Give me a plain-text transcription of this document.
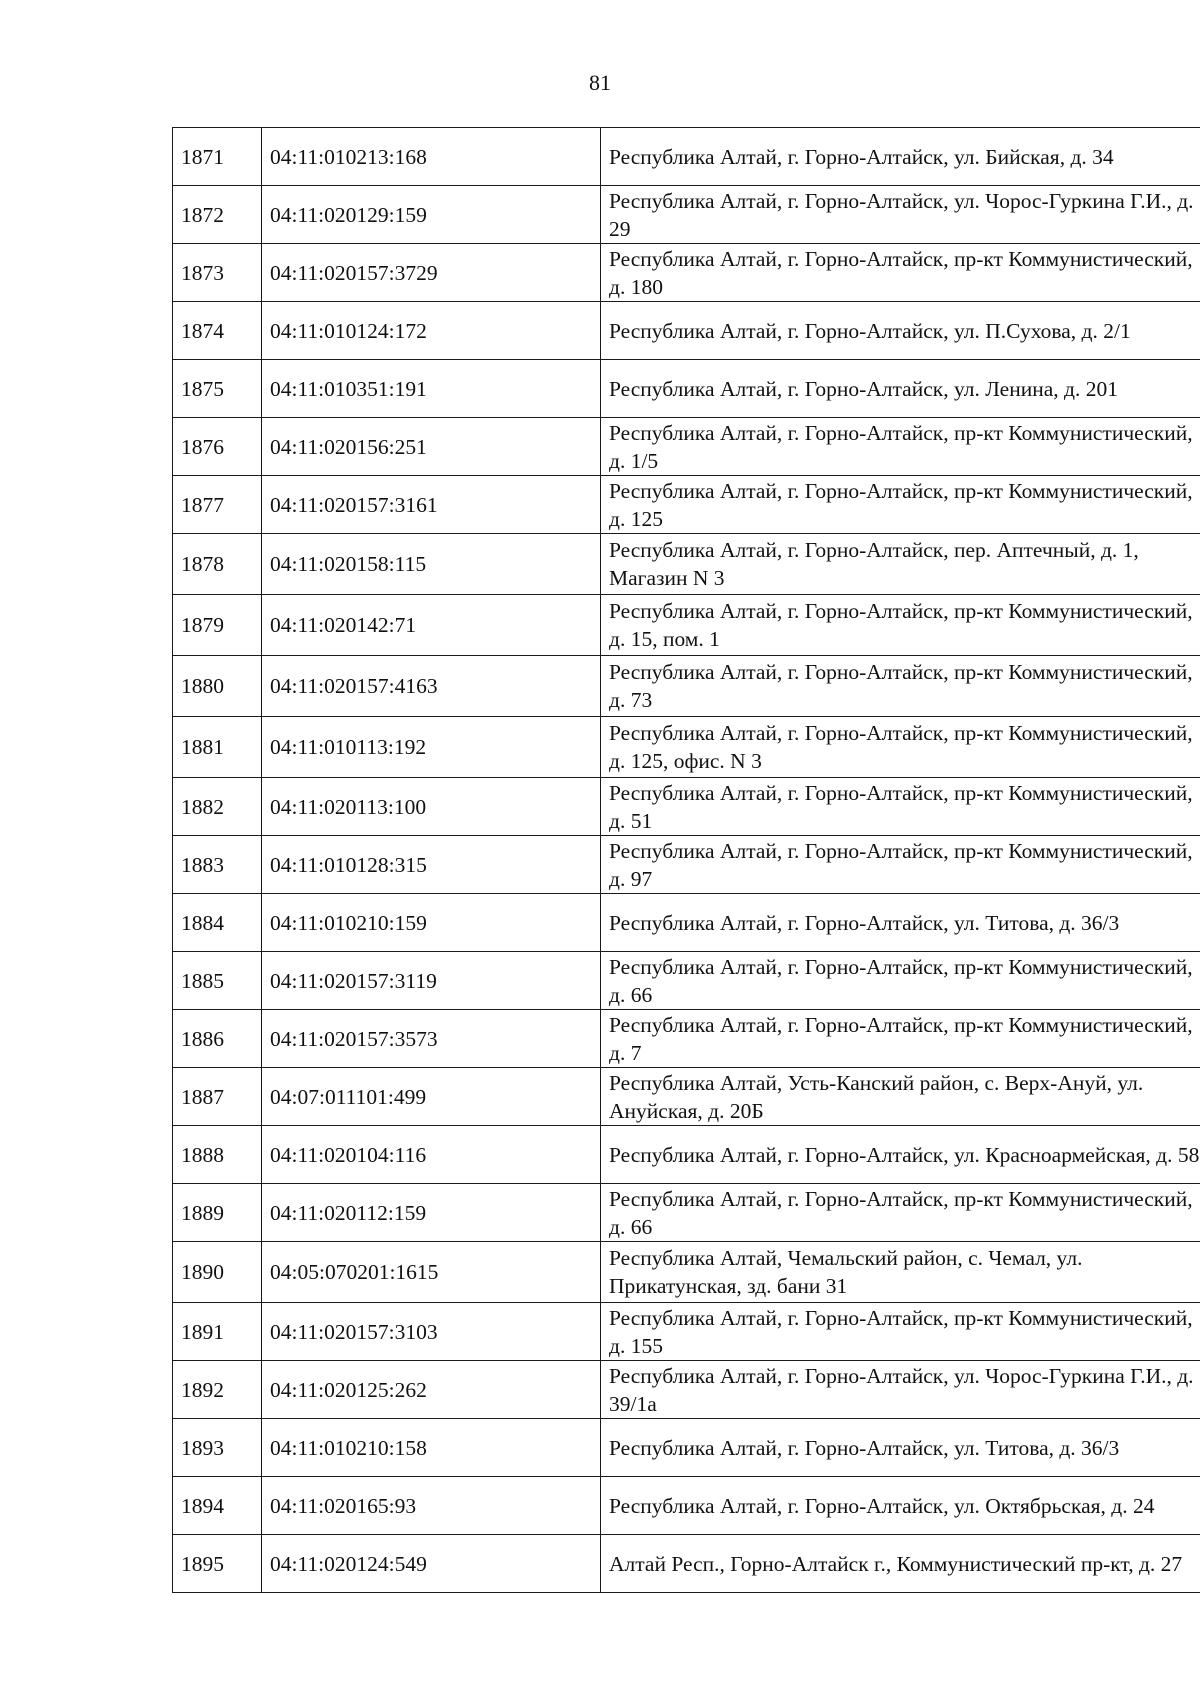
81
1871	04:11:010213:168	Республика Алтай, г. Горно-Алтайск, ул. Бийская, д. 34
1872	04:11:020129:159	Республика Алтай, г. Горно-Алтайск, ул. Чорос-Гуркина Г.И., д. 29
1873	04:11:020157:3729	Республика Алтай, г. Горно-Алтайск, пр-кт Коммунистический, д. 180
1874	04:11:010124:172	Республика Алтай, г. Горно-Алтайск, ул. П.Сухова, д. 2/1
1875	04:11:010351:191	Республика Алтай, г. Горно-Алтайск, ул. Ленина, д. 201
1876	04:11:020156:251	Республика Алтай, г. Горно-Алтайск, пр-кт Коммунистический, д. 1/5
1877	04:11:020157:3161	Республика Алтай, г. Горно-Алтайск, пр-кт Коммунистический, д. 125
1878	04:11:020158:115	Республика Алтай, г. Горно-Алтайск, пер. Аптечный, д. 1, Магазин N 3
1879	04:11:020142:71	Республика Алтай, г. Горно-Алтайск, пр-кт Коммунистический, д. 15, пом. 1
1880	04:11:020157:4163	Республика Алтай, г. Горно-Алтайск, пр-кт Коммунистический, д. 73
1881	04:11:010113:192	Республика Алтай, г. Горно-Алтайск, пр-кт Коммунистический, д. 125, офис. N 3
1882	04:11:020113:100	Республика Алтай, г. Горно-Алтайск, пр-кт Коммунистический, д. 51
1883	04:11:010128:315	Республика Алтай, г. Горно-Алтайск, пр-кт Коммунистический, д. 97
1884	04:11:010210:159	Республика Алтай, г. Горно-Алтайск, ул. Титова, д. 36/3
1885	04:11:020157:3119	Республика Алтай, г. Горно-Алтайск, пр-кт Коммунистический, д. 66
1886	04:11:020157:3573	Республика Алтай, г. Горно-Алтайск, пр-кт Коммунистический, д. 7
1887	04:07:011101:499	Республика Алтай, Усть-Канский район, с. Верх-Ануй, ул. Ануйская, д. 20Б
1888	04:11:020104:116	Республика Алтай, г. Горно-Алтайск, ул. Красноармейская, д. 58
1889	04:11:020112:159	Республика Алтай, г. Горно-Алтайск, пр-кт Коммунистический, д. 66
1890	04:05:070201:1615	Республика Алтай, Чемальский район, с. Чемал, ул. Прикатунская, зд. бани 31
1891	04:11:020157:3103	Республика Алтай, г. Горно-Алтайск, пр-кт Коммунистический, д. 155
1892	04:11:020125:262	Республика Алтай, г. Горно-Алтайск, ул. Чорос-Гуркина Г.И., д. 39/1а
1893	04:11:010210:158	Республика Алтай, г. Горно-Алтайск, ул. Титова, д. 36/3
1894	04:11:020165:93	Республика Алтай, г. Горно-Алтайск, ул. Октябрьская, д. 24
1895	04:11:020124:549	Алтай Респ., Горно-Алтайск г., Коммунистический пр-кт, д. 27
